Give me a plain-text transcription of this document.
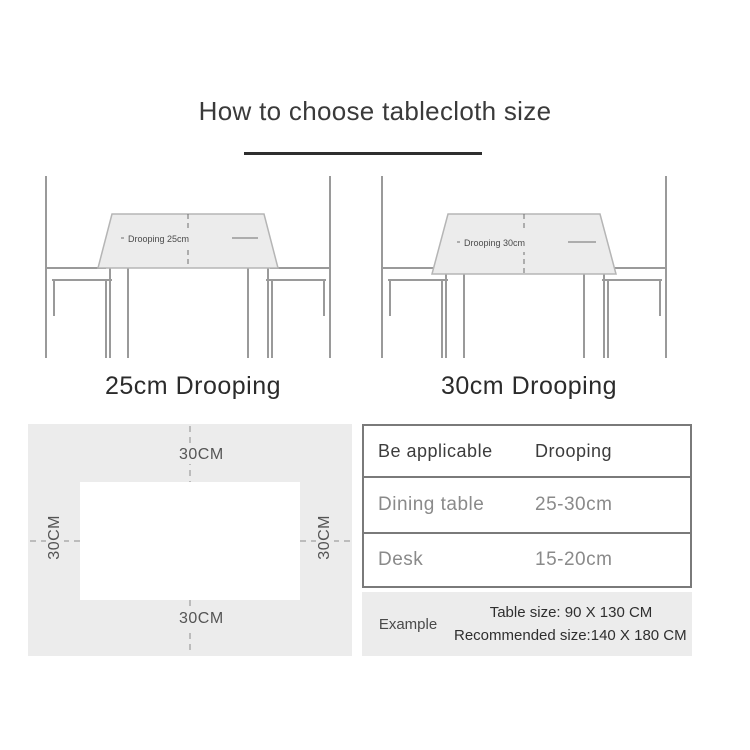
How to choose tablecloth size
Drooping 25cm
25cm Drooping
Drooping 30cm
30cm Drooping
30CM
30CM
30CM	30CM
Be applicable	Drooping
Dining table	25-30cm
Desk	15-20cm
Example
Table size: 90 X 130 CM
Recommended size:140 X 180 CM
